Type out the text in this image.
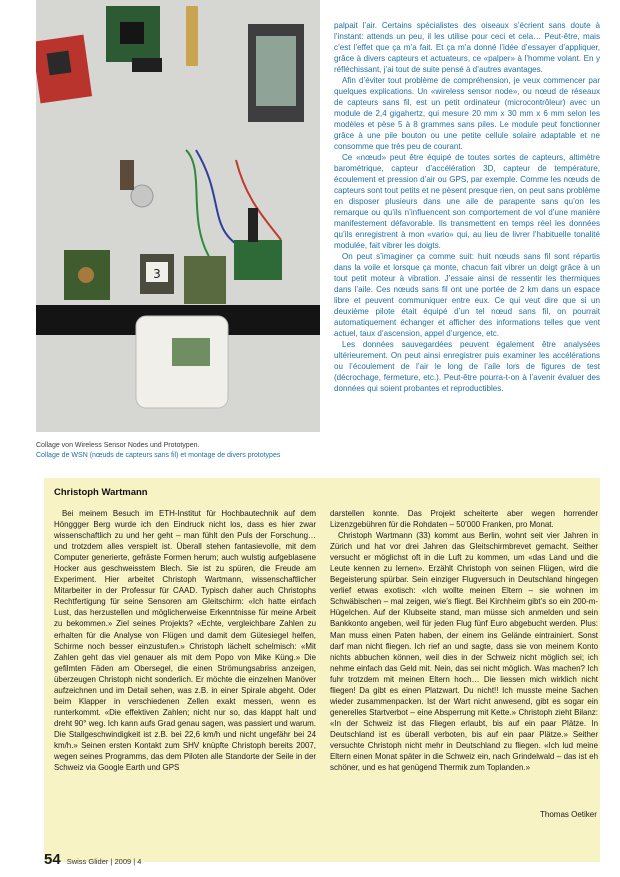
3
Collage von Wireless Sensor Nodes und Prototypen.
Collage de WSN (nœuds de capteurs sans fil) et montage de divers prototypes

palpait l’air. Certains spécialistes des oiseaux s’écrient sans doute à l’instant: attends un peu, il les utilise pour ceci et cela… Peut-être, mais c’est l’effet que ça m’a fait. Et ça m’a donné l’idée d’essayer d’appliquer, grâce à divers capteurs et actuateurs, ce «palper» à l’homme volant. En y réfléchissant, j’ai tout de suite pensé à d’autres avantages.

Afin d’éviter tout problème de compréhension, je veux commencer par quelques explications. Un «wireless sensor node», ou nœud de réseaux de capteurs sans fil, est un petit ordinateur (microcontrôleur) avec un module de 2,4 gigahertz, qui mesure 20 mm x 30 mm x 6 mm selon les modèles et pèse 5 à 8 grammes sans piles. Le module peut fonctionner grâce à une pile bouton ou une petite cellule solaire adaptable et ne consomme que très peu de courant.

Ce «nœud» peut être équipé de toutes sortes de capteurs, altimètre barométrique, capteur d’accélération 3D, capteur de température, écoulement et pression d’air ou GPS, par exemple. Comme les nœuds de capteurs sont tout petits et ne pèsent presque rien, on peut sans problème en disposer plusieurs dans une aile de parapente sans qu’on les remarque ou qu’ils n’influencent son comportement de vol d’une manière manifestement défavorable. Ils transmettent en temps réel les données qu’ils enregistrent à mon «vario» qui, au lieu de livrer l’habituelle tonalité modulée, fait vibrer les doigts.

On peut s’imaginer ça comme suit: huit nœuds sans fil sont répartis dans la voile et lorsque ça monte, chacun fait vibrer un doigt grâce à un tout petit moteur à vibration. J’essaie ainsi de ressentir les thermiques dans l’aile. Ces nœuds sans fil ont une portée de 2 km dans un espace libre et peuvent communiquer entre eux. Ce qui veut dire que si un deuxième pilote était équipé d’un tel nœud sans fil, on pourrait automatiquement échanger et afficher des informations telles que vent actuel, taux d’ascension, appel d’urgence, etc.

Les données sauvegardées peuvent également être analysées ultérieurement. On peut ainsi enregistrer puis examiner les accélérations ou l’écoulement de l’air le long de l’aile lors de figures de test (décrochage, fermeture, etc.). Peut-être pourra-t-on à l’avenir évaluer des données qui soient probantes et reproductibles.

Christoph Wartmann

Bei meinem Besuch im ETH-Institut für Hochbautechnik auf dem Hönggger Berg wurde ich den Eindruck nicht los, dass es hier zwar wissenschaftlich zu und her geht – man fühlt den Puls der Forschung… und trotzdem alles verspielt ist. Überall stehen fantasievolle, mit dem Computer generierte, gefräste Formen herum; auch wulstig aufgeblasene Hocker aus geschweisstem Blech. Sie ist zu spüren, die Freude am Experiment. Hier arbeitet Christoph Wartmann, wissenschaftlicher Mitarbeiter in der Professur für CAAD. Typisch daher auch Christophs Rechtfertigung für seine Sensoren am Gleitschirm: «Ich hatte einfach Lust, das herzustellen und möglicherweise Erkenntnisse für meine Arbeit zu bekommen.» Ziel seines Projekts? «Echte, vergleichbare Zahlen zu erhalten für die Analyse von Flügen und damit dem Gütesiegel helfen, Schirme noch besser einzustufen.» Christoph lächelt schelmisch: «Mit Zahlen geht das viel genauer als mit dem Popo von Mike Küng.» Die gefilmten Fäden am Obersegel, die einen Strömungsabriss anzeigen, überzeugen Christoph nicht sonderlich. Er möchte die einzelnen Manöver aufzeichnen und im Detail sehen, was z.B. in einer Spirale abgeht. Oder beim Klapper in verschiedenen Zellen exakt messen, wenn es runterkommt. «Die effektiven Zahlen; nicht nur so, das klappt halt und dreht 90° weg. Ich kann aufs Grad genau sagen, was passiert und warum. Die Stallgeschwindigkeit ist z.B. bei 22,6 km/h und nicht ungefähr bei 24 km/h.» Seinen ersten Kontakt zum SHV knüpfte Christoph bereits 2007, wegen seines Programms, das dem Piloten alle Standorte der Seile in der Schweiz via Google Earth und GPS

darstellen konnte. Das Projekt scheiterte aber wegen horrender Lizenzgebühren für die Rohdaten – 50’000 Franken, pro Monat.

Christoph Wartmann (33) kommt aus Berlin, wohnt seit vier Jahren in Zürich und hat vor drei Jahren das Gleitschirmbrevet gemacht. Seither versucht er möglichst oft in die Luft zu kommen, um «das Land und die Leute kennen zu lernen». Erzählt Christoph von seinen Flügen, wird die Begeisterung spürbar. Sein einziger Flugversuch in Deutschland hingegen verlief etwas exotisch: «Ich wollte meinen Eltern – sie wohnen im Schwäbischen – mal zeigen, wie’s fliegt. Bei Kirchheim gibt’s so ein 200-m-Hügelchen. Auf der Klubseite stand, man müsse sich anmelden und sein Bankkonto angeben, weil für jeden Flug fünf Euro abgebucht werden. Plus: Man muss einen Paten haben, der einem ins Gelände eintrainiert. Sonst darf man nicht fliegen. Ich rief an und sagte, dass sie von meinem Konto nichts abbuchen können, weil dies in der Schweiz nicht möglich sei; ich nehme einfach das Geld mit. Nein, das sei nicht möglich. Was machen? Ich fuhr trotzdem mit meinen Eltern hoch… Die liessen mich wirklich nicht fliegen! Da gibt es einen Platzwart. Du nicht!! Ich musste meine Sachen wieder zusammenpacken. Ist der Wart nicht anwesend, gibt es sogar ein generelles Startverbot – eine Absperrung mit Kette.» Christoph zieht Bilanz: «In der Schweiz ist das Fliegen erlaubt, bis auf ein paar Plätze. In Deutschland ist es überall verboten, bis auf ein paar Plätze.» Seither versuchte Christoph nicht mehr in Deutschland zu fliegen. «Ich lud meine Eltern einen Monat später in die Schweiz ein, nach Grindelwald – das ist eh schöner, und es hat genügend Thermik zum Toplanden.»

Thomas Oetiker
54 Swiss Glider | 2009 | 4
